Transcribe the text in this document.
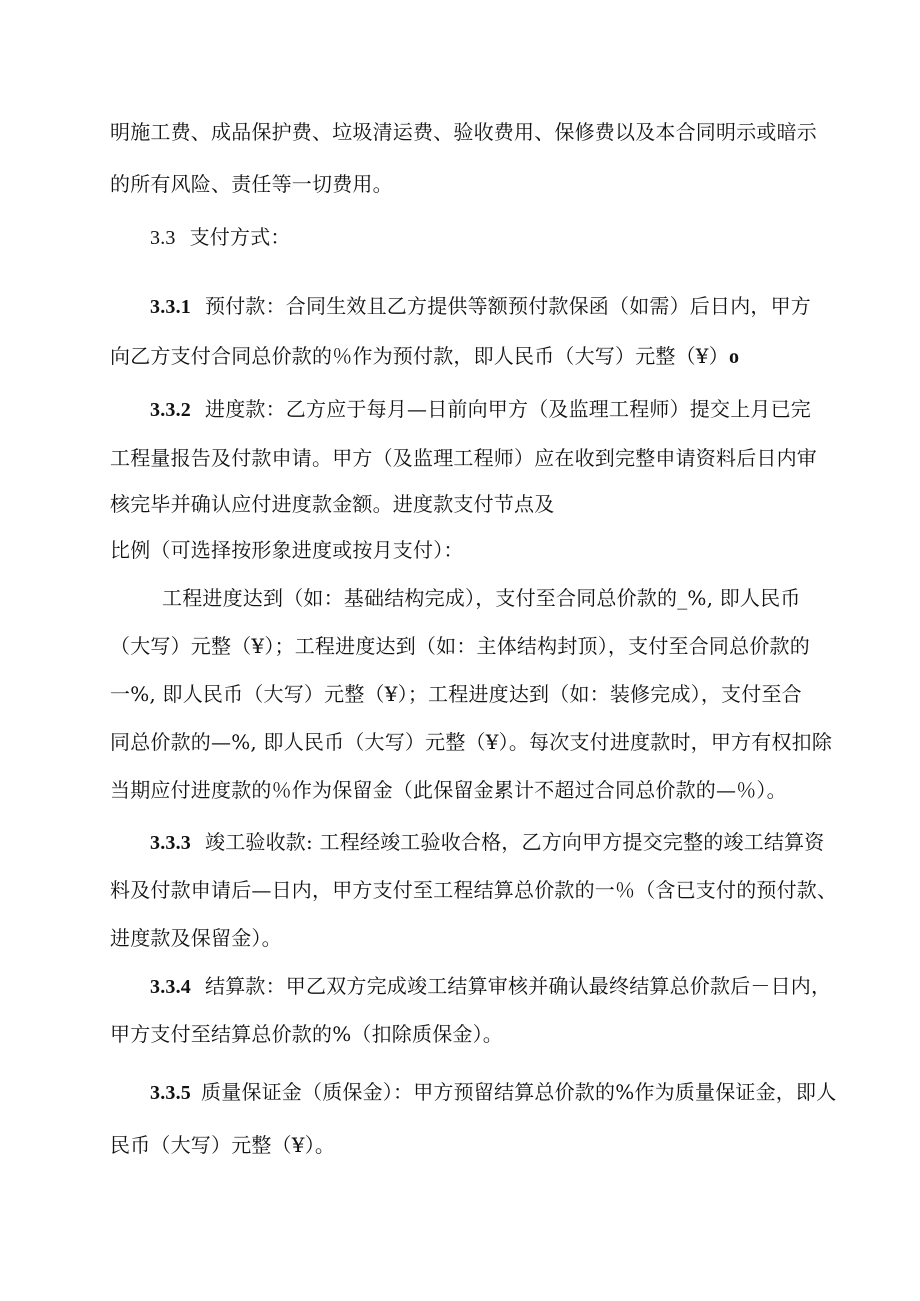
明施工费、成品保护费、垃圾清运费、验收费用、保修费以及本合同明示或暗示
的所有风险、责任等一切费用。
3.3 支付方式：
3.3.1 预付款：合同生效且乙方提供等额预付款保函（如需）后日内，甲方
向乙方支付合同总价款的％作为预付款，即人民币（大写）元整（¥）o
3.3.2 进度款：乙方应于每月—日前向甲方（及监理工程师）提交上月已完
工程量报告及付款申请。甲方（及监理工程师）应在收到完整申请资料后日内审
核完毕并确认应付进度款金额。进度款支付节点及
比例（可选择按形象进度或按月支付）：
工程进度达到（如：基础结构完成），支付至合同总价款的_%, 即人民币
（大写）元整（¥）；工程进度达到（如：主体结构封顶），支付至合同总价款的
一%, 即人民币（大写）元整（¥）；工程进度达到（如：装修完成），支付至合
同总价款的—%, 即人民币（大写）元整（¥）。每次支付进度款时，甲方有权扣除
当期应付进度款的％作为保留金（此保留金累计不超过合同总价款的—％）。
3.3.3 竣工验收款: 工程经竣工验收合格，乙方向甲方提交完整的竣工结算资
料及付款申请后—日内，甲方支付至工程结算总价款的一％（含已支付的预付款、
进度款及保留金）。
3.3.4 结算款：甲乙双方完成竣工结算审核并确认最终结算总价款后－日内，
甲方支付至结算总价款的%（扣除质保金）。
3.3.5 质量保证金（质保金）：甲方预留结算总价款的%作为质量保证金，即人
民币（大写）元整（¥）。
